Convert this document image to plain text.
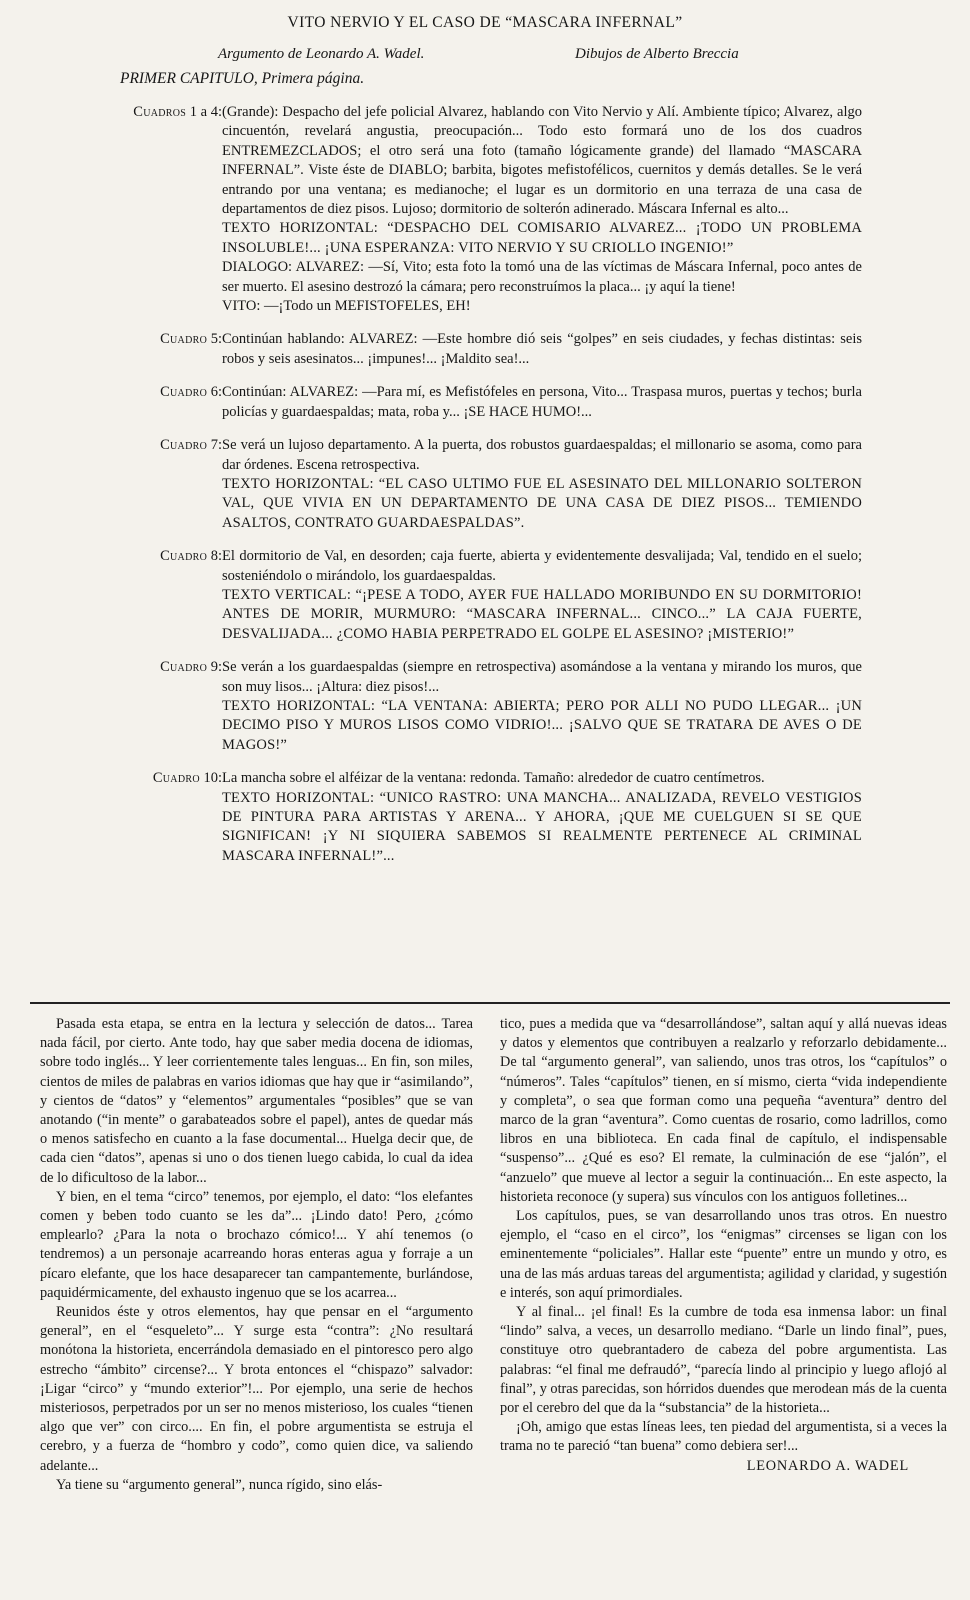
VITO NERVIO Y EL CASO DE “MASCARA INFERNAL”
Argumento de Leonardo A. Wadel.	Dibujos de Alberto Breccia
PRIMER CAPITULO, Primera página.
Cuadros 1 a 4: (Grande): Despacho del jefe policial Alvarez, hablando con Vito Nervio y Alí. Ambiente típico; Alvarez, algo cincuentón, revelará angustia, preocupación... Todo esto formará uno de los dos cuadros ENTREMEZCLADOS; el otro será una foto (tamaño lógicamente grande) del llamado “MASCARA INFERNAL”. Viste éste de DIABLO; barbita, bigotes mefistofélicos, cuernitos y demás detalles. Se le verá entrando por una ventana; es medianoche; el lugar es un dormitorio en una terraza de una casa de departamentos de diez pisos. Lujoso; dormitorio de solterón adinerado. Máscara Infernal es alto...

TEXTO HORIZONTAL: “DESPACHO DEL COMISARIO ALVAREZ... ¡TODO UN PROBLEMA INSOLUBLE!... ¡UNA ESPERANZA: VITO NERVIO Y SU CRIOLLO INGENIO!”

DIALOGO: ALVAREZ: —Sí, Vito; esta foto la tomó una de las víctimas de Máscara Infernal, poco antes de ser muerto. El asesino destrozó la cámara; pero reconstruímos la placa... ¡y aquí la tiene!

VITO: —¡Todo un MEFISTOFELES, EH!

Cuadro 5: Continúan hablando: ALVAREZ: —Este hombre dió seis “golpes” en seis ciudades, y fechas distintas: seis robos y seis asesinatos... ¡impunes!... ¡Maldito sea!...

Cuadro 6: Continúan: ALVAREZ: —Para mí, es Mefistófeles en persona, Vito... Traspasa muros, puertas y techos; burla policías y guardaespaldas; mata, roba y... ¡SE HACE HUMO!...

Cuadro 7: Se verá un lujoso departamento. A la puerta, dos robustos guardaespaldas; el millonario se asoma, como para dar órdenes. Escena retrospectiva.

TEXTO HORIZONTAL: “EL CASO ULTIMO FUE EL ASESINATO DEL MILLONARIO SOLTERON VAL, QUE VIVIA EN UN DEPARTAMENTO DE UNA CASA DE DIEZ PISOS... TEMIENDO ASALTOS, CONTRATO GUARDAESPALDAS”.

Cuadro 8: El dormitorio de Val, en desorden; caja fuerte, abierta y evidentemente desvalijada; Val, tendido en el suelo; sosteniéndolo o mirándolo, los guardaespaldas.

TEXTO VERTICAL: “¡PESE A TODO, AYER FUE HALLADO MORIBUNDO EN SU DORMITORIO! ANTES DE MORIR, MURMURO: “MASCARA INFERNAL... CINCO...” LA CAJA FUERTE, DESVALIJADA... ¿COMO HABIA PERPETRADO EL GOLPE EL ASESINO? ¡MISTERIO!”

Cuadro 9: Se verán a los guardaespaldas (siempre en retrospectiva) asomándose a la ventana y mirando los muros, que son muy lisos... ¡Altura: diez pisos!...

TEXTO HORIZONTAL: “LA VENTANA: ABIERTA; PERO POR ALLI NO PUDO LLEGAR... ¡UN DECIMO PISO Y MUROS LISOS COMO VIDRIO!... ¡SALVO QUE SE TRATARA DE AVES O DE MAGOS!”

Cuadro 10: La mancha sobre el alféizar de la ventana: redonda. Tamaño: alrededor de cuatro centímetros.

TEXTO HORIZONTAL: “UNICO RASTRO: UNA MANCHA... ANALIZADA, REVELO VESTIGIOS DE PINTURA PARA ARTISTAS Y ARENA... Y AHORA, ¡QUE ME CUELGUEN SI SE QUE SIGNIFICAN! ¡Y NI SIQUIERA SABEMOS SI REALMENTE PERTENECE AL CRIMINAL MASCARA INFERNAL!”...

Pasada esta etapa, se entra en la lectura y selección de datos... Tarea nada fácil, por cierto. Ante todo, hay que saber media docena de idiomas, sobre todo inglés... Y leer corrientemente tales lenguas... En fin, son miles, cientos de miles de palabras en varios idiomas que hay que ir “asimilando”, y cientos de “datos” y “elementos” argumentales “posibles” que se van anotando (“in mente” o garabateados sobre el papel), antes de quedar más o menos satisfecho en cuanto a la fase documental... Huelga decir que, de cada cien “datos”, apenas si uno o dos tienen luego cabida, lo cual da idea de lo dificultoso de la labor...

Y bien, en el tema “circo” tenemos, por ejemplo, el dato: “los elefantes comen y beben todo cuanto se les da”... ¡Lindo dato! Pero, ¿cómo emplearlo? ¿Para la nota o brochazo cómico!... Y ahí tenemos (o tendremos) a un personaje acarreando horas enteras agua y forraje a un pícaro elefante, que los hace desaparecer tan campantemente, burlándose, paquidérmicamente, del exhausto ingenuo que se los acarrea...

Reunidos éste y otros elementos, hay que pensar en el “argumento general”, en el “esqueleto”... Y surge esta “contra”: ¿No resultará monótona la historieta, encerrándola demasiado en el pintoresco pero algo estrecho “ámbito” circense?... Y brota entonces el “chispazo” salvador: ¡Ligar “circo” y “mundo exterior”!... Por ejemplo, una serie de hechos misteriosos, perpetrados por un ser no menos misterioso, los cuales “tienen algo que ver” con circo.... En fin, el pobre argumentista se estruja el cerebro, y a fuerza de “hombro y codo”, como quien dice, va saliendo adelante...

Ya tiene su “argumento general”, nunca rígido, sino elás-

tico, pues a medida que va “desarrollándose”, saltan aquí y allá nuevas ideas y datos y elementos que contribuyen a realzarlo y reforzarlo debidamente... De tal “argumento general”, van saliendo, unos tras otros, los “capítulos” o “números”. Tales “capítulos” tienen, en sí mismo, cierta “vida independiente y completa”, o sea que forman como una pequeña “aventura” dentro del marco de la gran “aventura”. Como cuentas de rosario, como ladrillos, como libros en una biblioteca. En cada final de capítulo, el indispensable “suspenso”... ¿Qué es eso? El remate, la culminación de ese “jalón”, el “anzuelo” que mueve al lector a seguir la continuación... En este aspecto, la historieta reconoce (y supera) sus vínculos con los antiguos folletines...

Los capítulos, pues, se van desarrollando unos tras otros. En nuestro ejemplo, el “caso en el circo”, los “enigmas” circenses se ligan con los eminentemente “policiales”. Hallar este “puente” entre un mundo y otro, es una de las más arduas tareas del argumentista; agilidad y claridad, y sugestión e interés, son aquí primordiales.

Y al final... ¡el final! Es la cumbre de toda esa inmensa labor: un final “lindo” salva, a veces, un desarrollo mediano. “Darle un lindo final”, pues, constituye otro quebrantadero de cabeza del pobre argumentista. Las palabras: “el final me defraudó”, “parecía lindo al principio y luego aflojó al final”, y otras parecidas, son hórridos duendes que merodean más de la cuenta por el cerebro del que da la “substancia” de la historieta...

¡Oh, amigo que estas líneas lees, ten piedad del argumentista, si a veces la trama no te pareció “tan buena” como debiera ser!...

LEONARDO A. WADEL
